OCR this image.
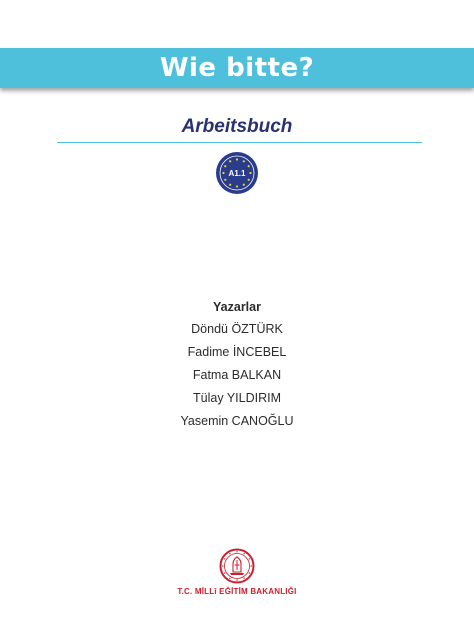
Wie bitte?
Arbeitsbuch
A1.1
Yazarlar
Döndü ÖZTÜRK
Fadime İNCEBEL
Fatma BALKAN
Tülay YILDIRIM
Yasemin CANOĞLU
T.C. MİLLî EĞİTİM BAKANLIĞI
